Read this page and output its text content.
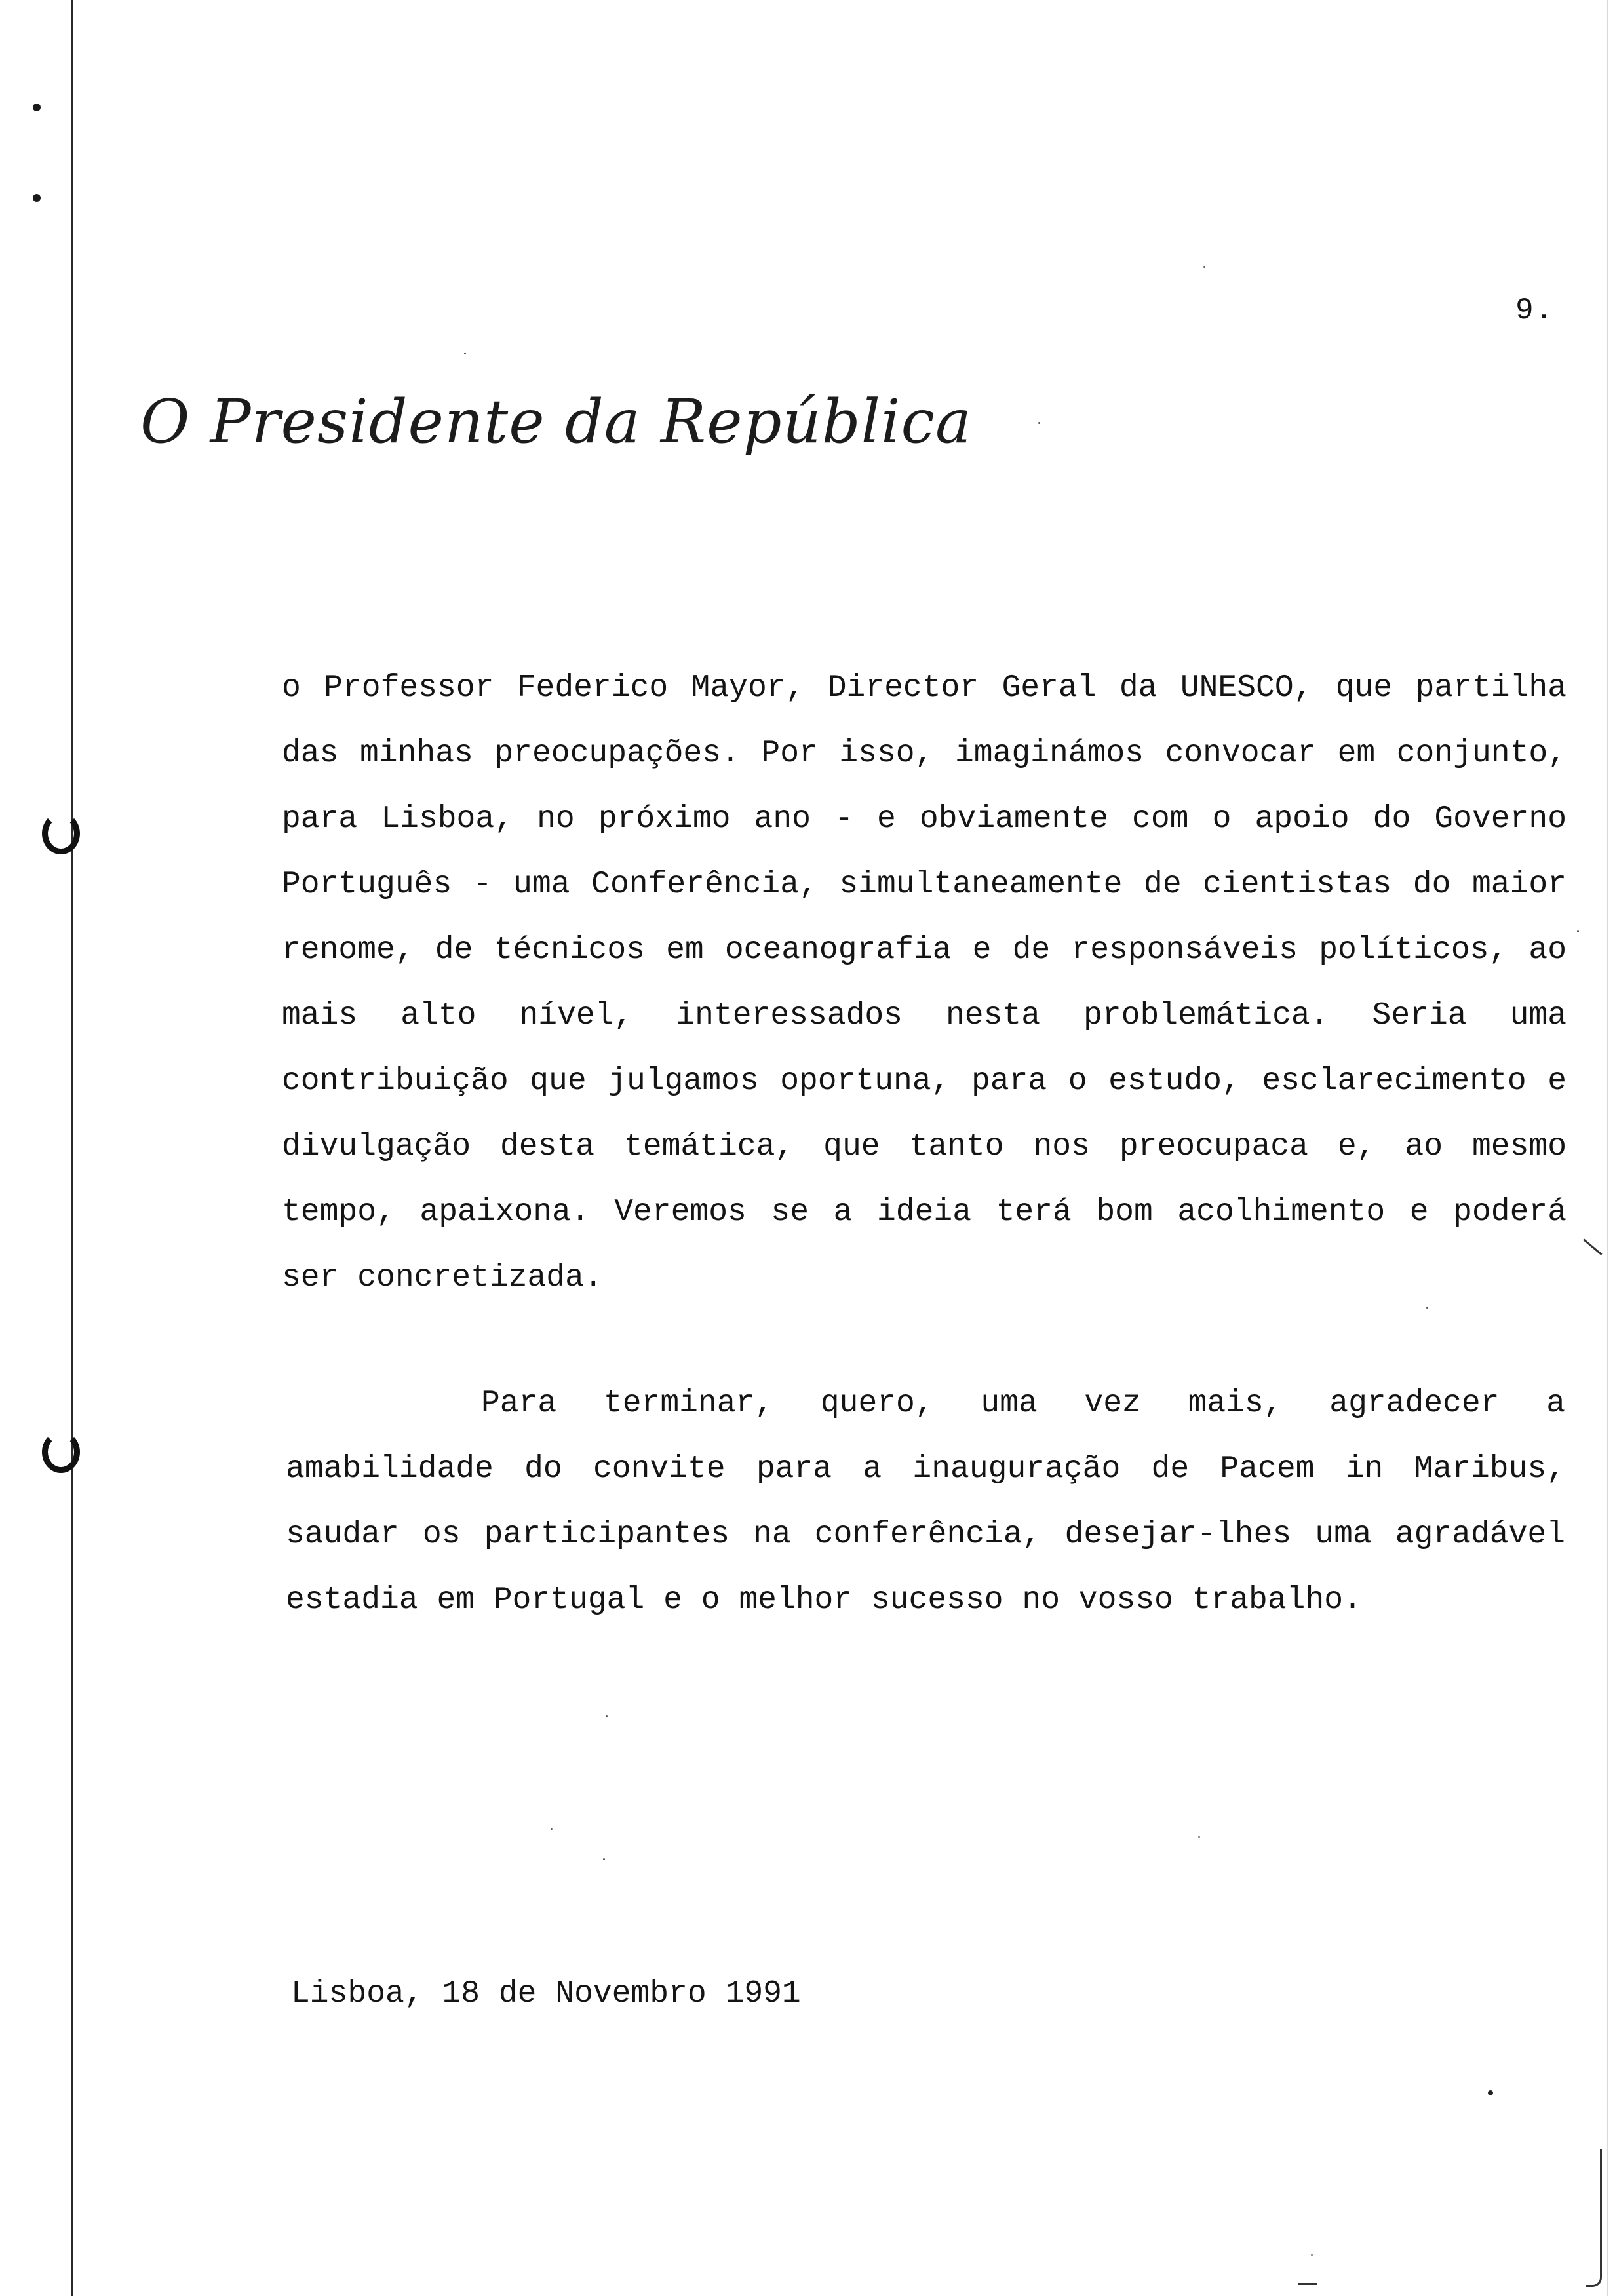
9.
O Presidente da República

o Professor Federico Mayor, Director Geral da UNESCO, que partilha das minhas preocupações. Por isso, imaginámos convocar em conjunto, para Lisboa, no próximo ano - e obviamente com o apoio do Governo Português - uma Conferência, simultaneamente de cientistas do maior renome, de técnicos em oceanografia e de responsáveis políticos, ao mais alto nível, interessados nesta problemática. Seria uma contribuição que julgamos oportuna, para o estudo, esclarecimento e divulgação desta temática, que tanto nos preocupaca e, ao mesmo tempo, apaixona. Veremos se a ideia terá bom acolhimento e poderá ser concretizada.

Para terminar, quero, uma vez mais, agradecer a amabilidade do convite para a inauguração de Pacem in Maribus, saudar os participantes na conferência, desejar-lhes uma agradável estadia em Portugal e o melhor sucesso no vosso trabalho.

Lisboa, 18 de Novembro 1991
